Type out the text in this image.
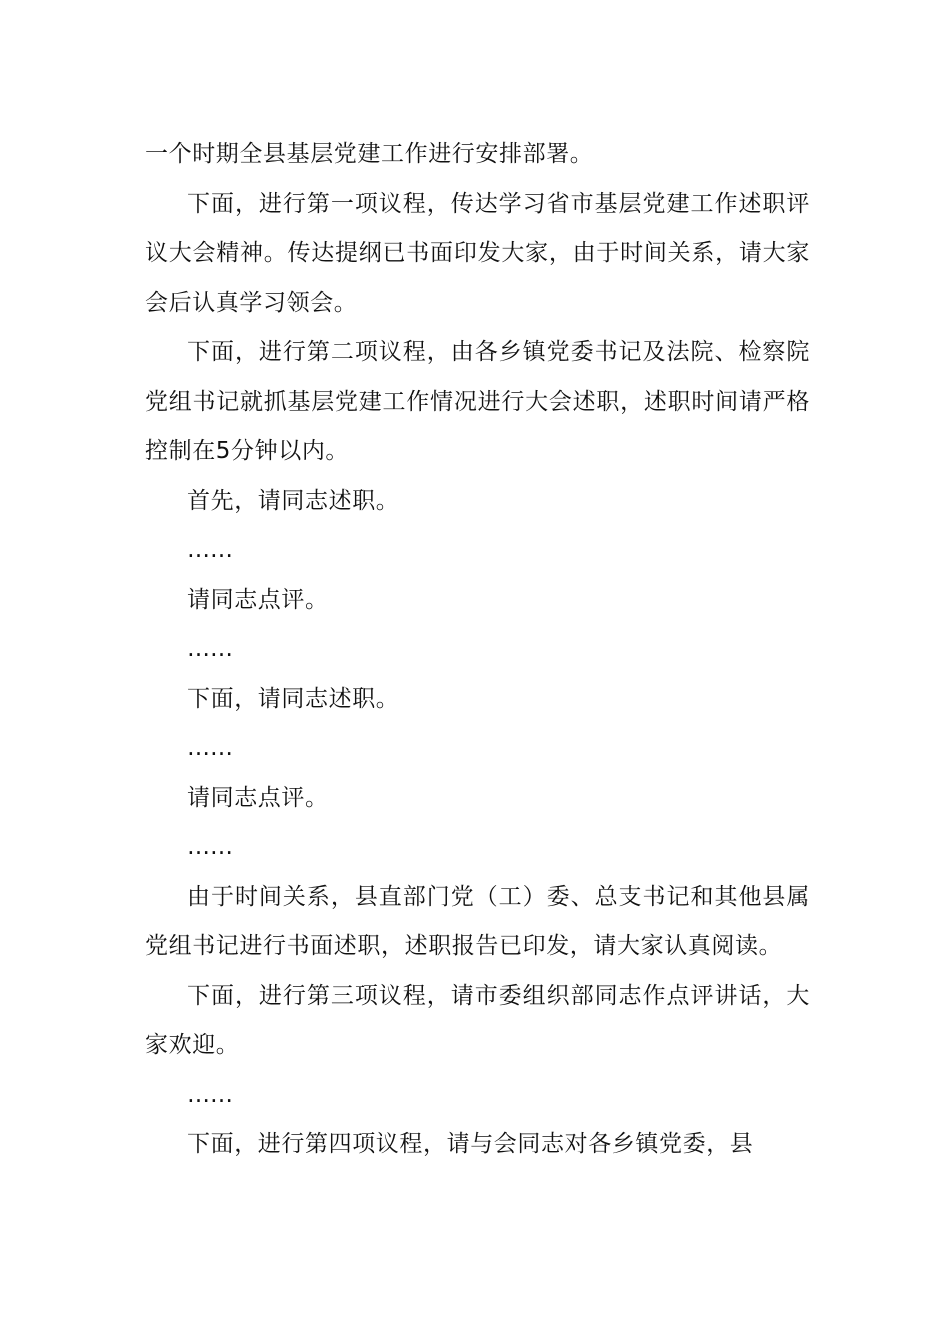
一个时期全县基层党建工作进行安排部署。

下面，进行第一项议程，传达学习省市基层党建工作述职评议大会精神。传达提纲已书面印发大家，由于时间关系，请大家会后认真学习领会。

下面，进行第二项议程，由各乡镇党委书记及法院、检察院党组书记就抓基层党建工作情况进行大会述职，述职时间请严格控制在5分钟以内。

首先，请同志述职。

……

请同志点评。

……

下面，请同志述职。

……

请同志点评。

……

由于时间关系，县直部门党（工）委、总支书记和其他县属党组书记进行书面述职，述职报告已印发，请大家认真阅读。

下面，进行第三项议程，请市委组织部同志作点评讲话，大家欢迎。

……

下面，进行第四项议程，请与会同志对各乡镇党委，县
